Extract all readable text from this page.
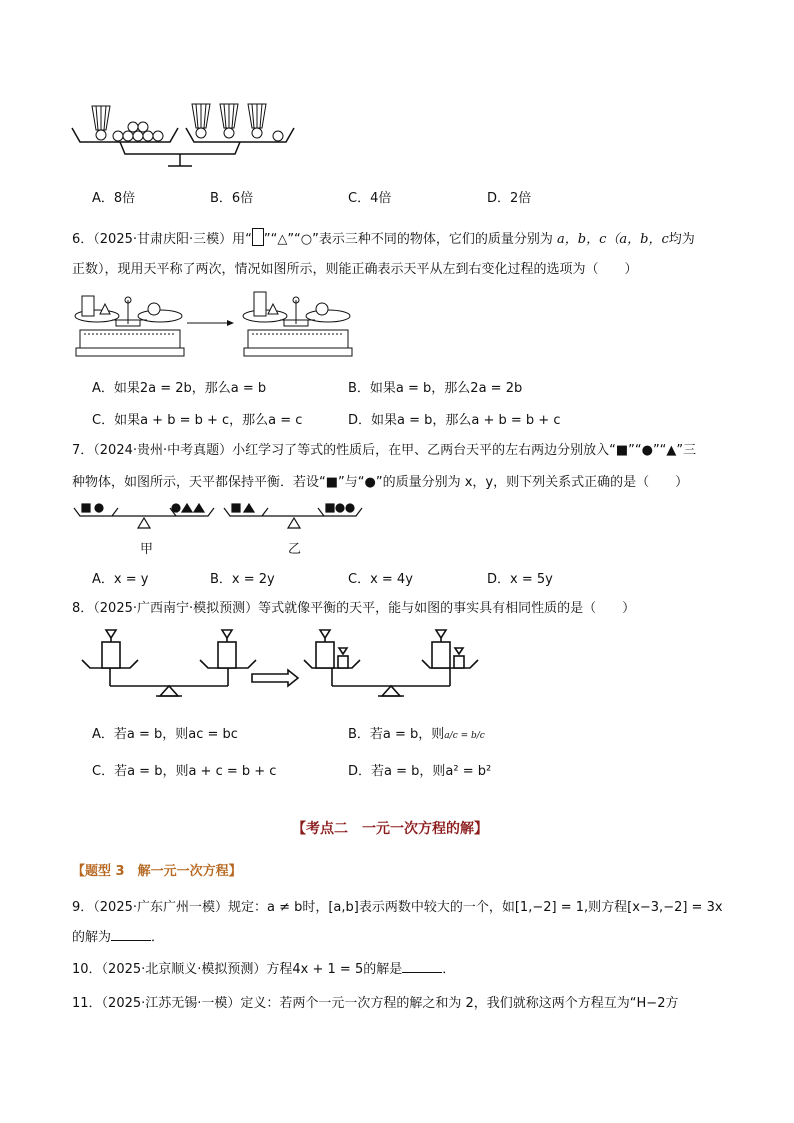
A．8倍	B．6倍	C．4倍	D．2倍
6．（2025·甘肃庆阳·三模）用“ ”“△”“○”表示三种不同的物体，它们的质量分别为 a，b，c（a，b，c均为
正数），现用天平称了两次，情况如图所示，则能正确表示天平从左到右变化过程的选项为（　　）
A．如果2a = 2b，那么a = b	B．如果a = b，那么2a = 2b
C．如果a + b = b + c，那么a = c	D．如果a = b，那么a + b = b + c
7．（2024·贵州·中考真题）小红学习了等式的性质后，在甲、乙两台天平的左右两边分别放入“■”“●”“▲”三
种物体，如图所示，天平都保持平衡．若设“■”与“●”的质量分别为 x，y，则下列关系式正确的是（　　）
甲	乙
A．x = y	B．x = 2y	C．x = 4y	D．x = 5y
8．（2025·广西南宁·模拟预测）等式就像平衡的天平，能与如图的事实具有相同性质的是（　　）
A．若a = b，则ac = bc	B．若a = b，则a/c = b/c
C．若a = b，则a + c = b + c	D．若a = b，则a² = b²
【考点二　一元一次方程的解】
【题型 3　解一元一次方程】
9．（2025·广东广州一模）规定：a ≠ b时，[a,b]表示两数中较大的一个，如[1,−2] = 1,则方程[x−3,−2] = 3x
的解为	．
10．（2025·北京顺义·模拟预测）方程4x + 1 = 5的解是	．
11．（2025·江苏无锡·一模）定义：若两个一元一次方程的解之和为 2，我们就称这两个方程互为“H−2方
